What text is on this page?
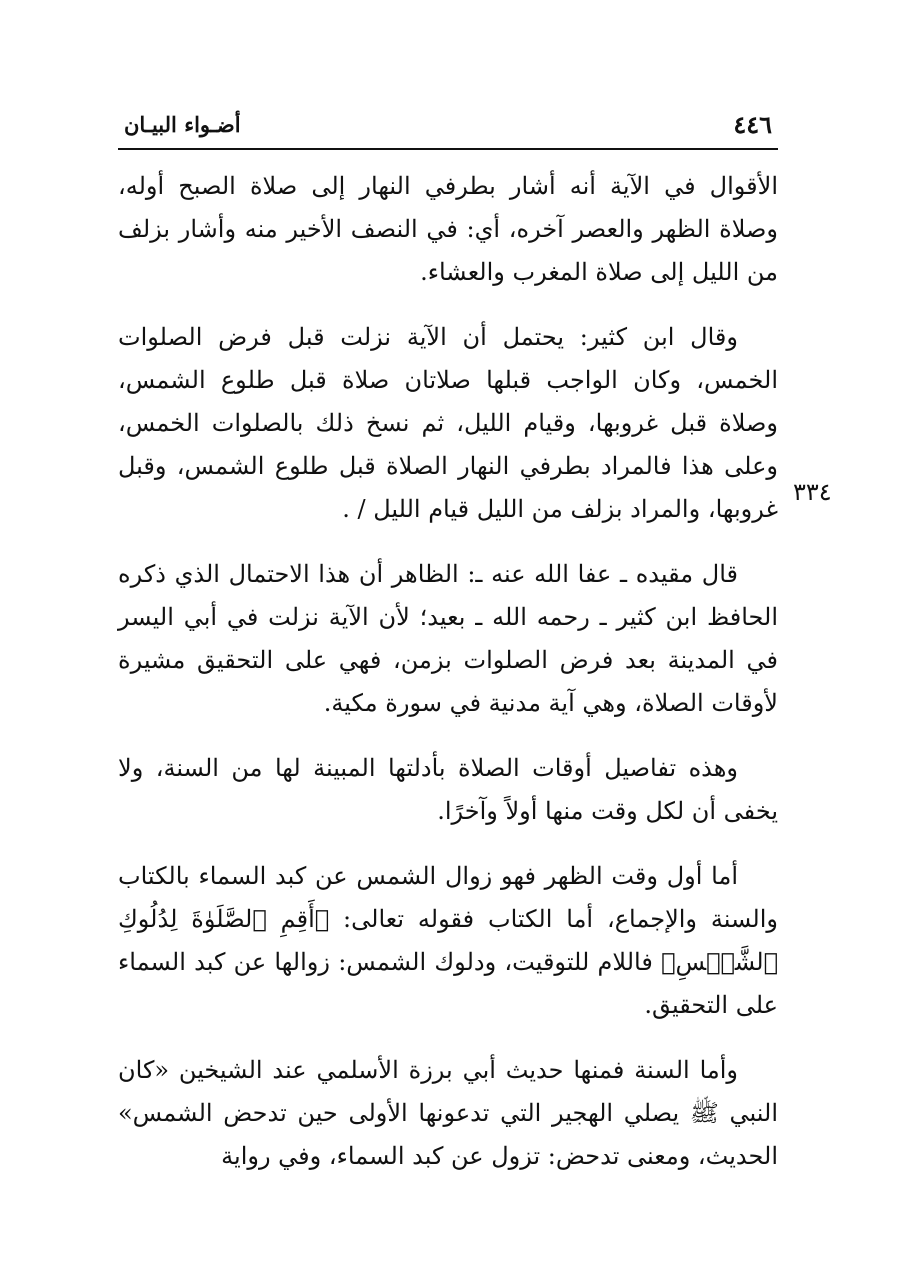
أضـواء البيـان	٤٤٦

الأقوال في الآية أنه أشار بطرفي النهار إلى صلاة الصبح أوله، وصلاة الظهر والعصر آخره، أي: في النصف الأخير منه وأشار بزلف من الليل إلى صلاة المغرب والعشاء.

وقال ابن كثير: يحتمل أن الآية نزلت قبل فرض الصلوات الخمس، وكان الواجب قبلها صلاتان صلاة قبل طلوع الشمس، وصلاة قبل غروبها، وقيام الليل، ثم نسخ ذلك بالصلوات الخمس، وعلى هذا فالمراد بطرفي النهار الصلاة قبل طلوع الشمس، وقبل غروبها، والمراد بزلف من الليل قيام الليل / .

قال مقيده ـ عفا الله عنه ـ: الظاهر أن هذا الاحتمال الذي ذكره الحافظ ابن كثير ـ رحمه الله ـ بعيد؛ لأن الآية نزلت في أبي اليسر في المدينة بعد فرض الصلوات بزمن، فهي على التحقيق مشيرة لأوقات الصلاة، وهي آية مدنية في سورة مكية.

وهذه تفاصيل أوقات الصلاة بأدلتها المبينة لها من السنة، ولا يخفى أن لكل وقت منها أولاً وآخرًا.

أما أول وقت الظهر فهو زوال الشمس عن كبد السماء بالكتاب والسنة والإجماع، أما الكتاب فقوله تعالى: ﴿أَقِمِ ٱلصَّلَوٰةَ لِدُلُوكِ ٱلشَّمۡسِ﴾ فاللام للتوقيت، ودلوك الشمس: زوالها عن كبد السماء على التحقيق.

وأما السنة فمنها حديث أبي برزة الأسلمي عند الشيخين «كان النبي ﷺ يصلي الهجير التي تدعونها الأولى حين تدحض الشمس» الحديث، ومعنى تدحض: تزول عن كبد السماء، وفي رواية

٣٣٤
